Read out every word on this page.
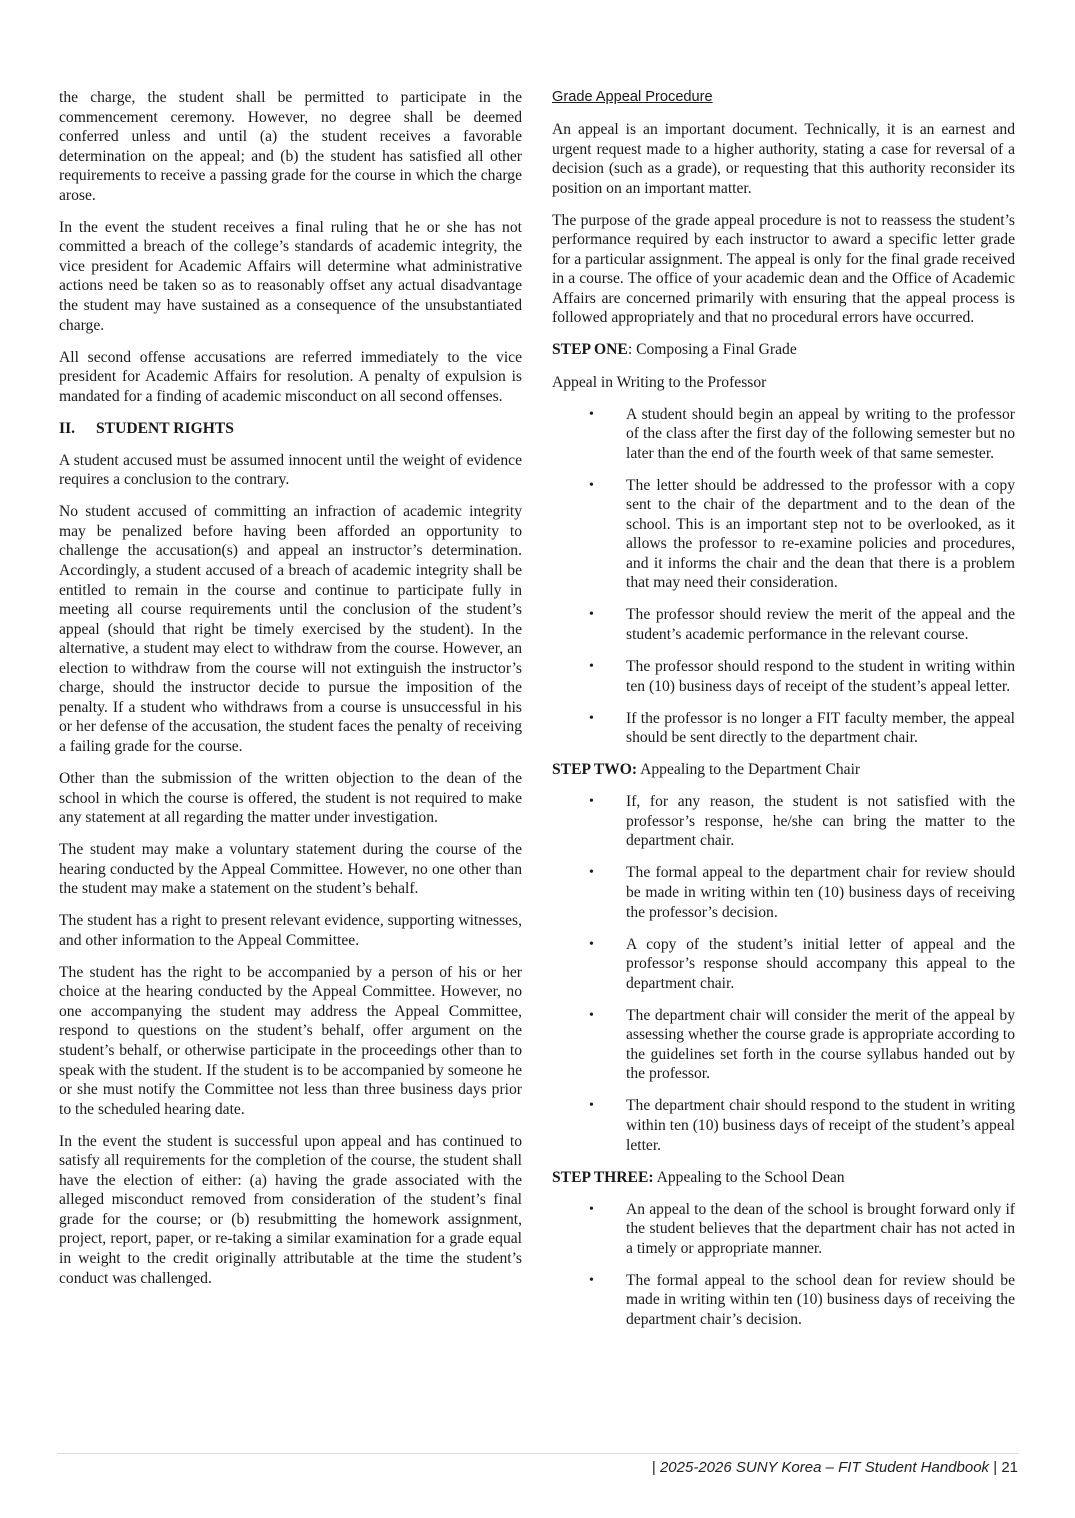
the charge, the student shall be permitted to participate in the commencement ceremony. However, no degree shall be deemed conferred unless and until (a) the student receives a favorable determination on the appeal; and (b) the student has satisfied all other requirements to receive a passing grade for the course in which the charge arose.

In the event the student receives a final ruling that he or she has not committed a breach of the college’s standards of academic integrity, the vice president for Academic Affairs will determine what administrative actions need be taken so as to reasonably offset any actual disadvantage the student may have sustained as a consequence of the unsubstantiated charge.

All second offense accusations are referred immediately to the vice president for Academic Affairs for resolution. A penalty of expulsion is mandated for a finding of academic misconduct on all second offenses.

II.	STUDENT RIGHTS

A student accused must be assumed innocent until the weight of evidence requires a conclusion to the contrary.

No student accused of committing an infraction of academic integrity may be penalized before having been afforded an opportunity to challenge the accusation(s) and appeal an instructor’s determination. Accordingly, a student accused of a breach of academic integrity shall be entitled to remain in the course and continue to participate fully in meeting all course requirements until the conclusion of the student’s appeal (should that right be timely exercised by the student). In the alternative, a student may elect to withdraw from the course. However, an election to withdraw from the course will not extinguish the instructor’s charge, should the instructor decide to pursue the imposition of the penalty. If a student who withdraws from a course is unsuccessful in his or her defense of the accusation, the student faces the penalty of receiving a failing grade for the course.

Other than the submission of the written objection to the dean of the school in which the course is offered, the student is not required to make any statement at all regarding the matter under investigation.

The student may make a voluntary statement during the course of the hearing conducted by the Appeal Committee. However, no one other than the student may make a statement on the student’s behalf.

The student has a right to present relevant evidence, supporting witnesses, and other information to the Appeal Committee.

The student has the right to be accompanied by a person of his or her choice at the hearing conducted by the Appeal Committee. However, no one accompanying the student may address the Appeal Committee, respond to questions on the student’s behalf, offer argument on the student’s behalf, or otherwise participate in the proceedings other than to speak with the student. If the student is to be accompanied by someone he or she must notify the Committee not less than three business days prior to the scheduled hearing date.

In the event the student is successful upon appeal and has continued to satisfy all requirements for the completion of the course, the student shall have the election of either: (a) having the grade associated with the alleged misconduct removed from consideration of the student’s final grade for the course; or (b) resubmitting the homework assignment, project, report, paper, or re-taking a similar examination for a grade equal in weight to the credit originally attributable at the time the student’s conduct was challenged.

Grade Appeal Procedure

An appeal is an important document. Technically, it is an earnest and urgent request made to a higher authority, stating a case for reversal of a decision (such as a grade), or requesting that this authority reconsider its position on an important matter.

The purpose of the grade appeal procedure is not to reassess the student’s performance required by each instructor to award a specific letter grade for a particular assignment. The appeal is only for the final grade received in a course. The office of your academic dean and the Office of Academic Affairs are concerned primarily with ensuring that the appeal process is followed appropriately and that no procedural errors have occurred.

STEP ONE: Composing a Final Grade
Appeal in Writing to the Professor
• A student should begin an appeal by writing to the professor of the class after the first day of the following semester but no later than the end of the fourth week of that same semester.
• The letter should be addressed to the professor with a copy sent to the chair of the department and to the dean of the school. This is an important step not to be overlooked, as it allows the professor to re-examine policies and procedures, and it informs the chair and the dean that there is a problem that may need their consideration.
• The professor should review the merit of the appeal and the student’s academic performance in the relevant course.
• The professor should respond to the student in writing within ten (10) business days of receipt of the student’s appeal letter.
• If the professor is no longer a FIT faculty member, the appeal should be sent directly to the department chair.
STEP TWO: Appealing to the Department Chair
• If, for any reason, the student is not satisfied with the professor’s response, he/she can bring the matter to the department chair.
• The formal appeal to the department chair for review should be made in writing within ten (10) business days of receiving the professor’s decision.
• A copy of the student’s initial letter of appeal and the professor’s response should accompany this appeal to the department chair.
• The department chair will consider the merit of the appeal by assessing whether the course grade is appropriate according to the guidelines set forth in the course syllabus handed out by the professor.
• The department chair should respond to the student in writing within ten (10) business days of receipt of the student’s appeal letter.
STEP THREE: Appealing to the School Dean
• An appeal to the dean of the school is brought forward only if the student believes that the department chair has not acted in a timely or appropriate manner.
• The formal appeal to the school dean for review should be made in writing within ten (10) business days of receiving the department chair’s decision.
| 2025-2026 SUNY Korea – FIT Student Handbook | 21
